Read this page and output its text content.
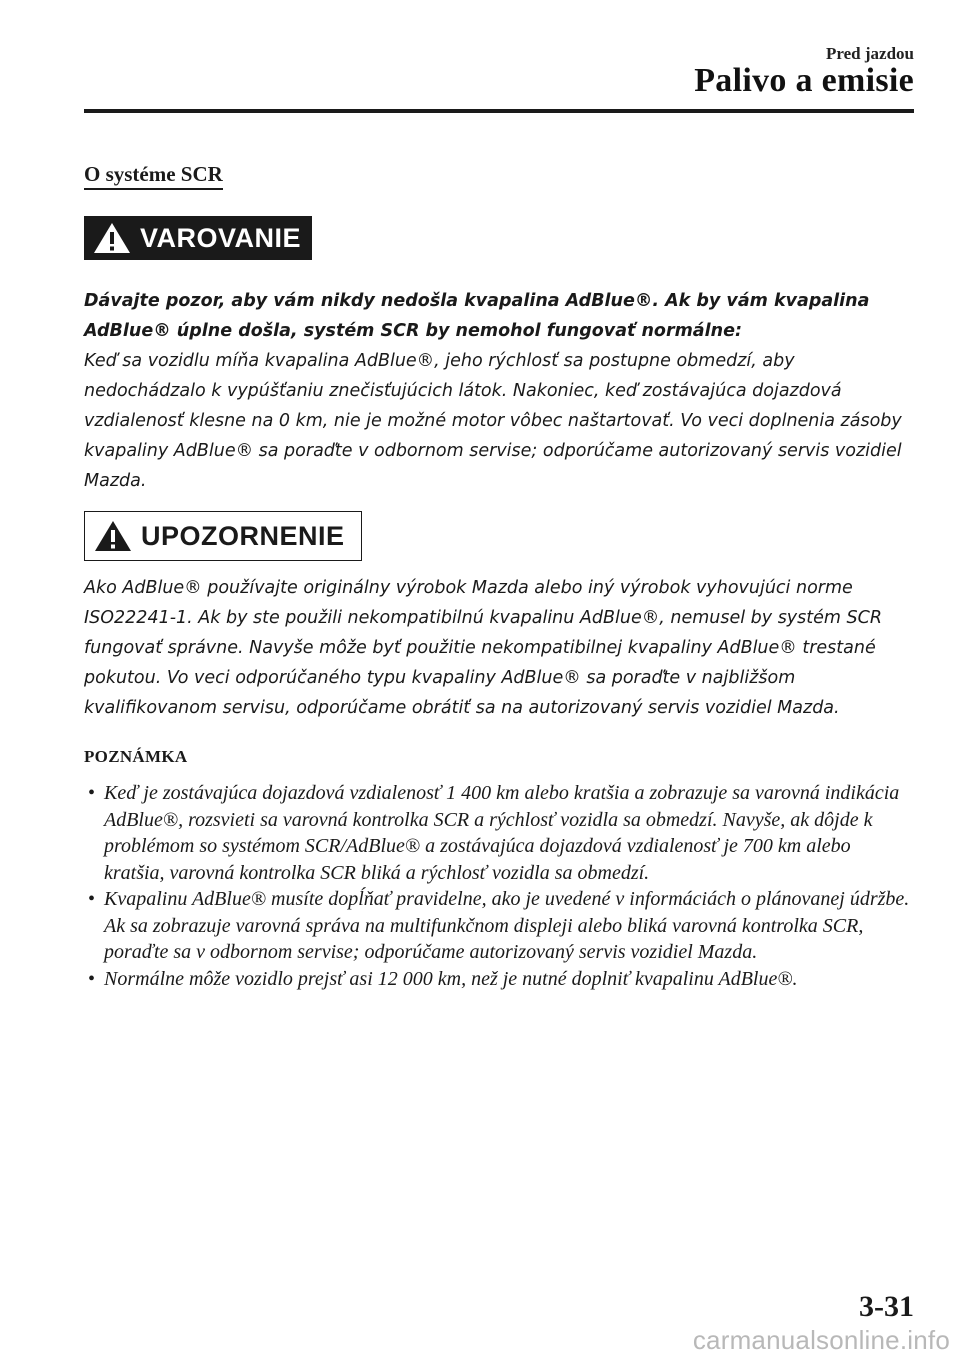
Pred jazdou
Palivo a emisie
O systéme SCR
VAROVANIE
Dávajte pozor, aby vám nikdy nedošla kvapalina AdBlue®. Ak by vám kvapalina AdBlue® úplne došla, systém SCR by nemohol fungovať normálne:
Keď sa vozidlu míňa kvapalina AdBlue®, jeho rýchlosť sa postupne obmedzí, aby nedochádzalo k vypúšťaniu znečisťujúcich látok. Nakoniec, keď zostávajúca dojazdová vzdialenosť klesne na 0 km, nie je možné motor vôbec naštartovať. Vo veci doplnenia zásoby kvapaliny AdBlue® sa poraďte v odbornom servise; odporúčame autorizovaný servis vozidiel Mazda.
UPOZORNENIE
Ako AdBlue® používajte originálny výrobok Mazda alebo iný výrobok vyhovujúci norme ISO22241-1. Ak by ste použili nekompatibilnú kvapalinu AdBlue®, nemusel by systém SCR fungovať správne. Navyše môže byť použitie nekompatibilnej kvapaliny AdBlue® trestané pokutou. Vo veci odporúčaného typu kvapaliny AdBlue® sa poraďte v najbližšom kvalifikovanom servisu, odporúčame obrátiť sa na autorizovaný servis vozidiel Mazda.
POZNÁMKA
• Keď je zostávajúca dojazdová vzdialenosť 1 400 km alebo kratšia a zobrazuje sa varovná indikácia AdBlue®, rozsvieti sa varovná kontrolka SCR a rýchlosť vozidla sa obmedzí. Navyše, ak dôjde k problémom so systémom SCR/AdBlue® a zostávajúca dojazdová vzdialenosť je 700 km alebo kratšia, varovná kontrolka SCR bliká a rýchlosť vozidla sa obmedzí.
• Kvapalinu AdBlue® musíte dopĺňať pravidelne, ako je uvedené v informáciách o plánovanej údržbe. Ak sa zobrazuje varovná správa na multifunkčnom displeji alebo bliká varovná kontrolka SCR, poraďte sa v odbornom servise; odporúčame autorizovaný servis vozidiel Mazda.
• Normálne môže vozidlo prejsť asi 12 000 km, než je nutné doplniť kvapalinu AdBlue®.
3-31
carmanualsonline.info
